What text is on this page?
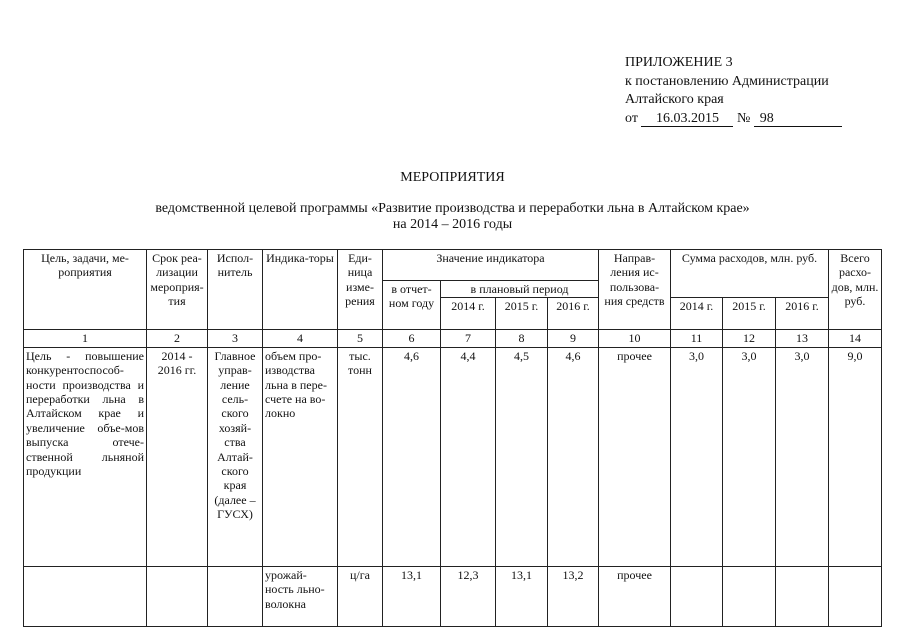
ПРИЛОЖЕНИЕ 3
к постановлению Администрации
Алтайского края
от 16.03.2015 № 98
МЕРОПРИЯТИЯ
ведомственной целевой программы «Развитие производства и переработки льна в Алтайском крае»
на 2014 – 2016 годы
Цель, задачи, ме-роприятия	Срок реа-лизации мероприя-тия	Испол-нитель	Индика-торы	Еди-ница изме-рения	Значение индикатора				Направ-ления ис-пользова-ния средств	Сумма расходов, млн. руб.			Всего расхо-дов, млн. руб.
					в отчет-ном году	в плановый период							
						2014 г.	2015 г.	2016 г.		2014 г.	2015 г.	2016 г.	
1	2	3	4	5	6	7	8	9	10	11	12	13	14
Цель - повышение конкурентоспособ-ности производства и переработки льна в Алтайском крае и увеличение объе-мов выпуска отече-ственной льняной продукции	2014 - 2016 гг.	Главное управ-ление сель-ского хозяй-ства Алтай-ского края (далее – ГУСХ)	объем про-изводства льна в пере-счете на во-локно	тыс. тонн	4,6	4,4	4,5	4,6	прочее	3,0	3,0	3,0	9,0
			урожай-ность льно-волокна	ц/га	13,1	12,3	13,1	13,2	прочее				
